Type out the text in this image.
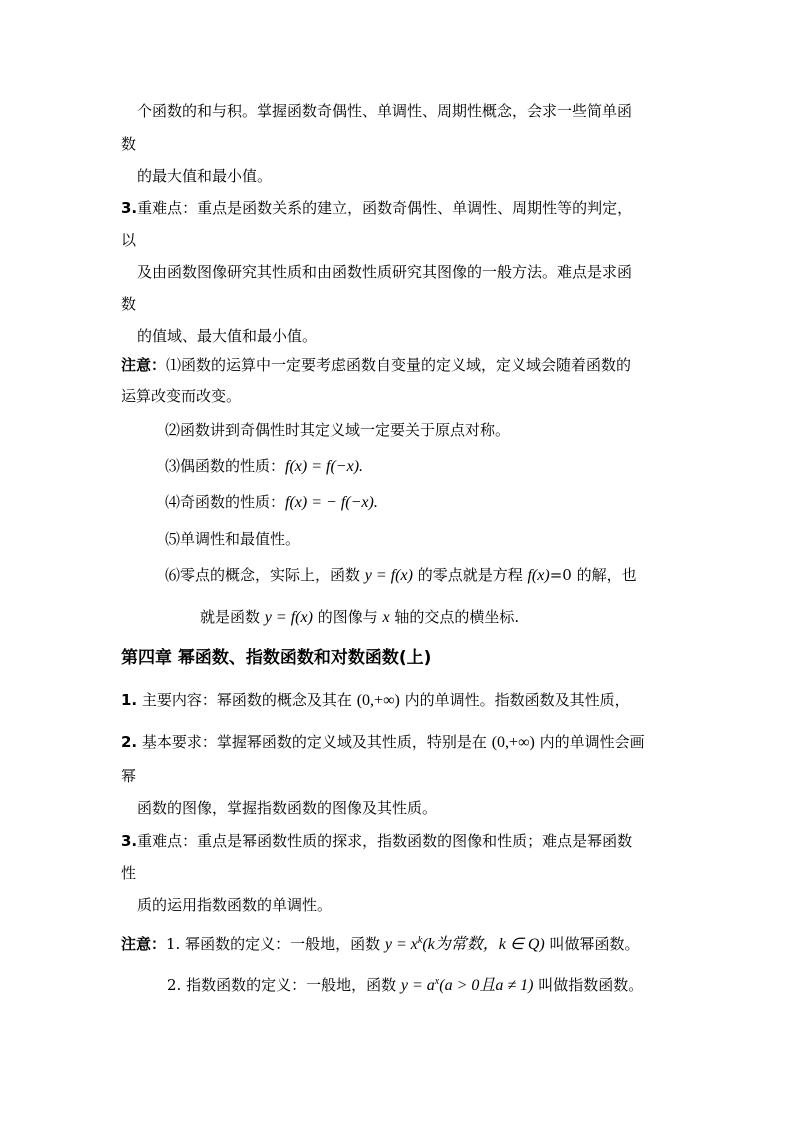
个函数的和与积。掌握函数奇偶性、单调性、周期性概念，会求一些简单函
数
的最大值和最小值。
3.重难点：重点是函数关系的建立，函数奇偶性、单调性、周期性等的判定，
以
及由函数图像研究其性质和由函数性质研究其图像的一般方法。难点是求函
数
的值域、最大值和最小值。
注意：⑴函数的运算中一定要考虑函数自变量的定义域，定义域会随着函数的
运算改变而改变。
⑵函数讲到奇偶性时其定义域一定要关于原点对称。
⑶偶函数的性质：f(x) = f(−x).
⑷奇函数的性质：f(x) = − f(−x).
⑸单调性和最值性。
⑹零点的概念，实际上，函数 y = f(x) 的零点就是方程 f(x)=0 的解，也
就是函数 y = f(x) 的图像与 x 轴的交点的横坐标.
第四章 幂函数、指数函数和对数函数(上)
1. 主要内容：幂函数的概念及其在 (0,+∞) 内的单调性。指数函数及其性质，
2. 基本要求：掌握幂函数的定义域及其性质，特别是在 (0,+∞) 内的单调性会画
幂
函数的图像，掌握指数函数的图像及其性质。
3.重难点：重点是幂函数性质的探求，指数函数的图像和性质；难点是幂函数
性
质的运用指数函数的单调性。
注意：1. 幂函数的定义：一般地，函数 $y = x^k(k$为常数，k ∈ Q) 叫做幂函数。
2. 指数函数的定义：一般地，函数 $y = a^x(a > 0$且a ≠ 1) 叫做指数函数。
